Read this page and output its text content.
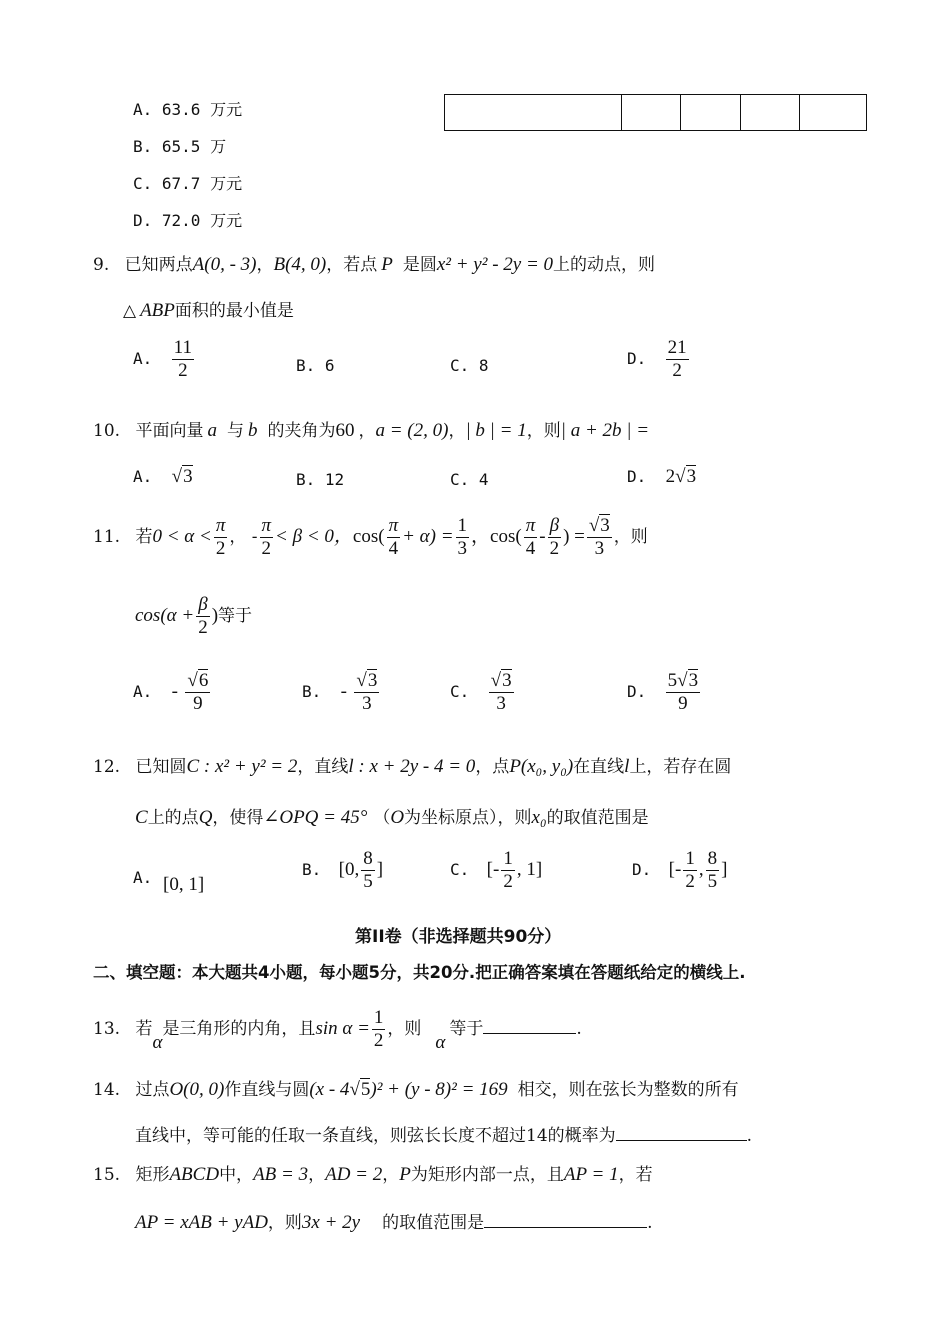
A. 63.6 万元
B. 65.5 万
C. 67.7 万元
D. 72.0 万元

9. 已知两点A(0, - 3)，B(4, 0)，若点 P 是圆x² + y² - 2y = 0上的动点，则
△ ABP面积的最小值是
A. $\frac{11}{2}$	B. 6	C. 8	D. $\frac{21}{2}$
10. 平面向量 a 与 b 的夹角为60 ，a = (2, 0)，| b | = 1，则| a + 2b | =
A. √3	B. 12	C. 4	D. 2√3
11. 若$0 < \alpha < \frac{\pi}{2}$ ， - $\frac{\pi}{2} < \beta < 0$，$\cos( \frac{\pi}{4} + \alpha) = \frac{1}{3}$ ，$\cos( \frac{\pi}{4} - \frac{\beta}{2}$ ) = $\frac{√3}{3}$ ，则
$\cos(\alpha + \frac{\beta}{2}$ )等于
A. - $\frac{√6}{9}$	B. - $\frac{√3}{3}$	C. $\frac{√3}{3}$	D. $\frac{5√3}{9}$
12. 已知圆C : x² + y² = 2，直线l : x + 2y - 4 = 0，点P(x₀, y₀)在直线l上，若存在圆
C上的点Q，使得∠OPQ = 45° （O为坐标原点），则x₀的取值范围是
A. [0, 1]
B. [0, $\frac{8}{5}$ ]	C. [- $\frac{1}{2}$ , 1]	D. [- $\frac{1}{2}$ , $\frac{8}{5}$ ]
第II卷（非选择题共90分）
二、填空题：本大题共4小题，每小题5分，共20分.把正确答案填在答题纸给定的横线上.
13. 若α是三角形的内角，且$\sin \alpha = \frac{1}{2}$ ，则α等于	.
14. 过点O(0, 0)作直线与圆(x - 4√5)² + (y - 8)² = 169 相交，则在弦长为整数的所有
直线中，等可能的任取一条直线，则弦长长度不超过14的概率为	.
15. 矩形ABCD中，AB = 3，AD = 2，P为矩形内部一点，且AP = 1，若
AP = xAB + yAD，则3x + 2y 的取值范围是	.
